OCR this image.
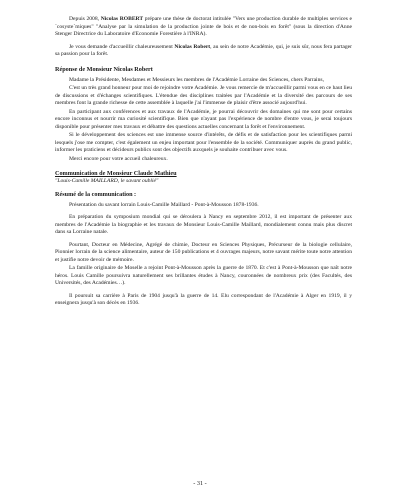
Depuis 2008, Nicolas ROBERT prépare une thèse de doctorat intitulée "Vers une production durable de multiples services e´cosyste´miques" "Analyse par la simulation de la production jointe de bois et de non-bois en forêt" (sous la direction d'Anne Stenger Directrice du Laboratoire d'Economie Forestière à l'INRA).

Je vous demande d'accueillir chaleureusement Nicolas Robert, au sein de notre Académie, qui, je suis sûr, nous fera partager sa passion pour la forêt.

Réponse de Monsieur Nicolas Robert

Madame la Présidente, Mesdames et Messieurs les membres de l'Académie Lorraine des Sciences, chers Parrains,

C'est un très grand honneur pour moi de rejoindre votre Académie. Je vous remercie de m'accueillir parmi vous en ce haut lieu de discussions et d'échanges scientifiques. L'étendue des disciplines traitées par l'Académie et la diversité des parcours de ses membres font la grande richesse de cette assemblée à laquelle j'ai l'immense de plaisir d'être associé aujourd'hui.

En participant aux conférences et aux travaux de l'Académie, je pourrai découvrir des domaines qui me sont pour certains encore inconnus et nourrir ma curiosité scientifique. Bien que n'ayant pas l'expérience de nombre d'entre vous, je serai toujours disponible pour présenter mes travaux et débattre des questions actuelles concernant la forêt et l'environnement.

Si le développement des sciences est une immense source d'intérêts, de défis et de satisfaction pour les scientifiques parmi lesquels j'ose me compter, c'est également un enjeu important pour l'ensemble de la société. Communiquer auprès du grand public, informer les praticiens et décideurs publics sont des objectifs auxquels je souhaite contribuer avec vous.

Merci encore pour votre accueil chaleureux.

Communication de Monsieur Claude Mathieu
"Louis-Camille MAILLARD, le savant oublié"
Résumé de la communication :

Présentation du savant lorrain Louis-Camille Maillard - Pont-à-Mousson 1878-1936.

En préparation du symposium mondial qui se déroulera à Nancy en septembre 2012, il est important de présenter aux membres de l'Académie la biographie et les travaux de Monsieur Louis-Camille Maillard, mondialement connu mais plus discret dans sa Lorraine natale.

Pourtant, Docteur en Médecine, Agrégé de chimie, Docteur en Sciences Physiques, Précurseur de la biologie cellulaire, Pionnier lorrain de la science alimentaire, auteur de 150 publications et 4 ouvrages majeurs, notre savant mérite toute notre attention et justifie notre devoir de mémoire.

La famille originaire de Moselle a rejoint Pont-à-Mousson après la guerre de 1870. Et c'est à Pont-à-Mousson que naît notre héros. Louis Camille poursuivra naturellement ses brillantes études à Nancy, couronnées de nombreux prix (des Facultés, des Universités, des Académies…).

Il poursuit sa carrière à Paris de 1904 jusqu'à la guerre de 14. Elu correspondant de l'Académie à Alger en 1919, il y enseignera jusqu'à son décès en 1936.

- 31 -
